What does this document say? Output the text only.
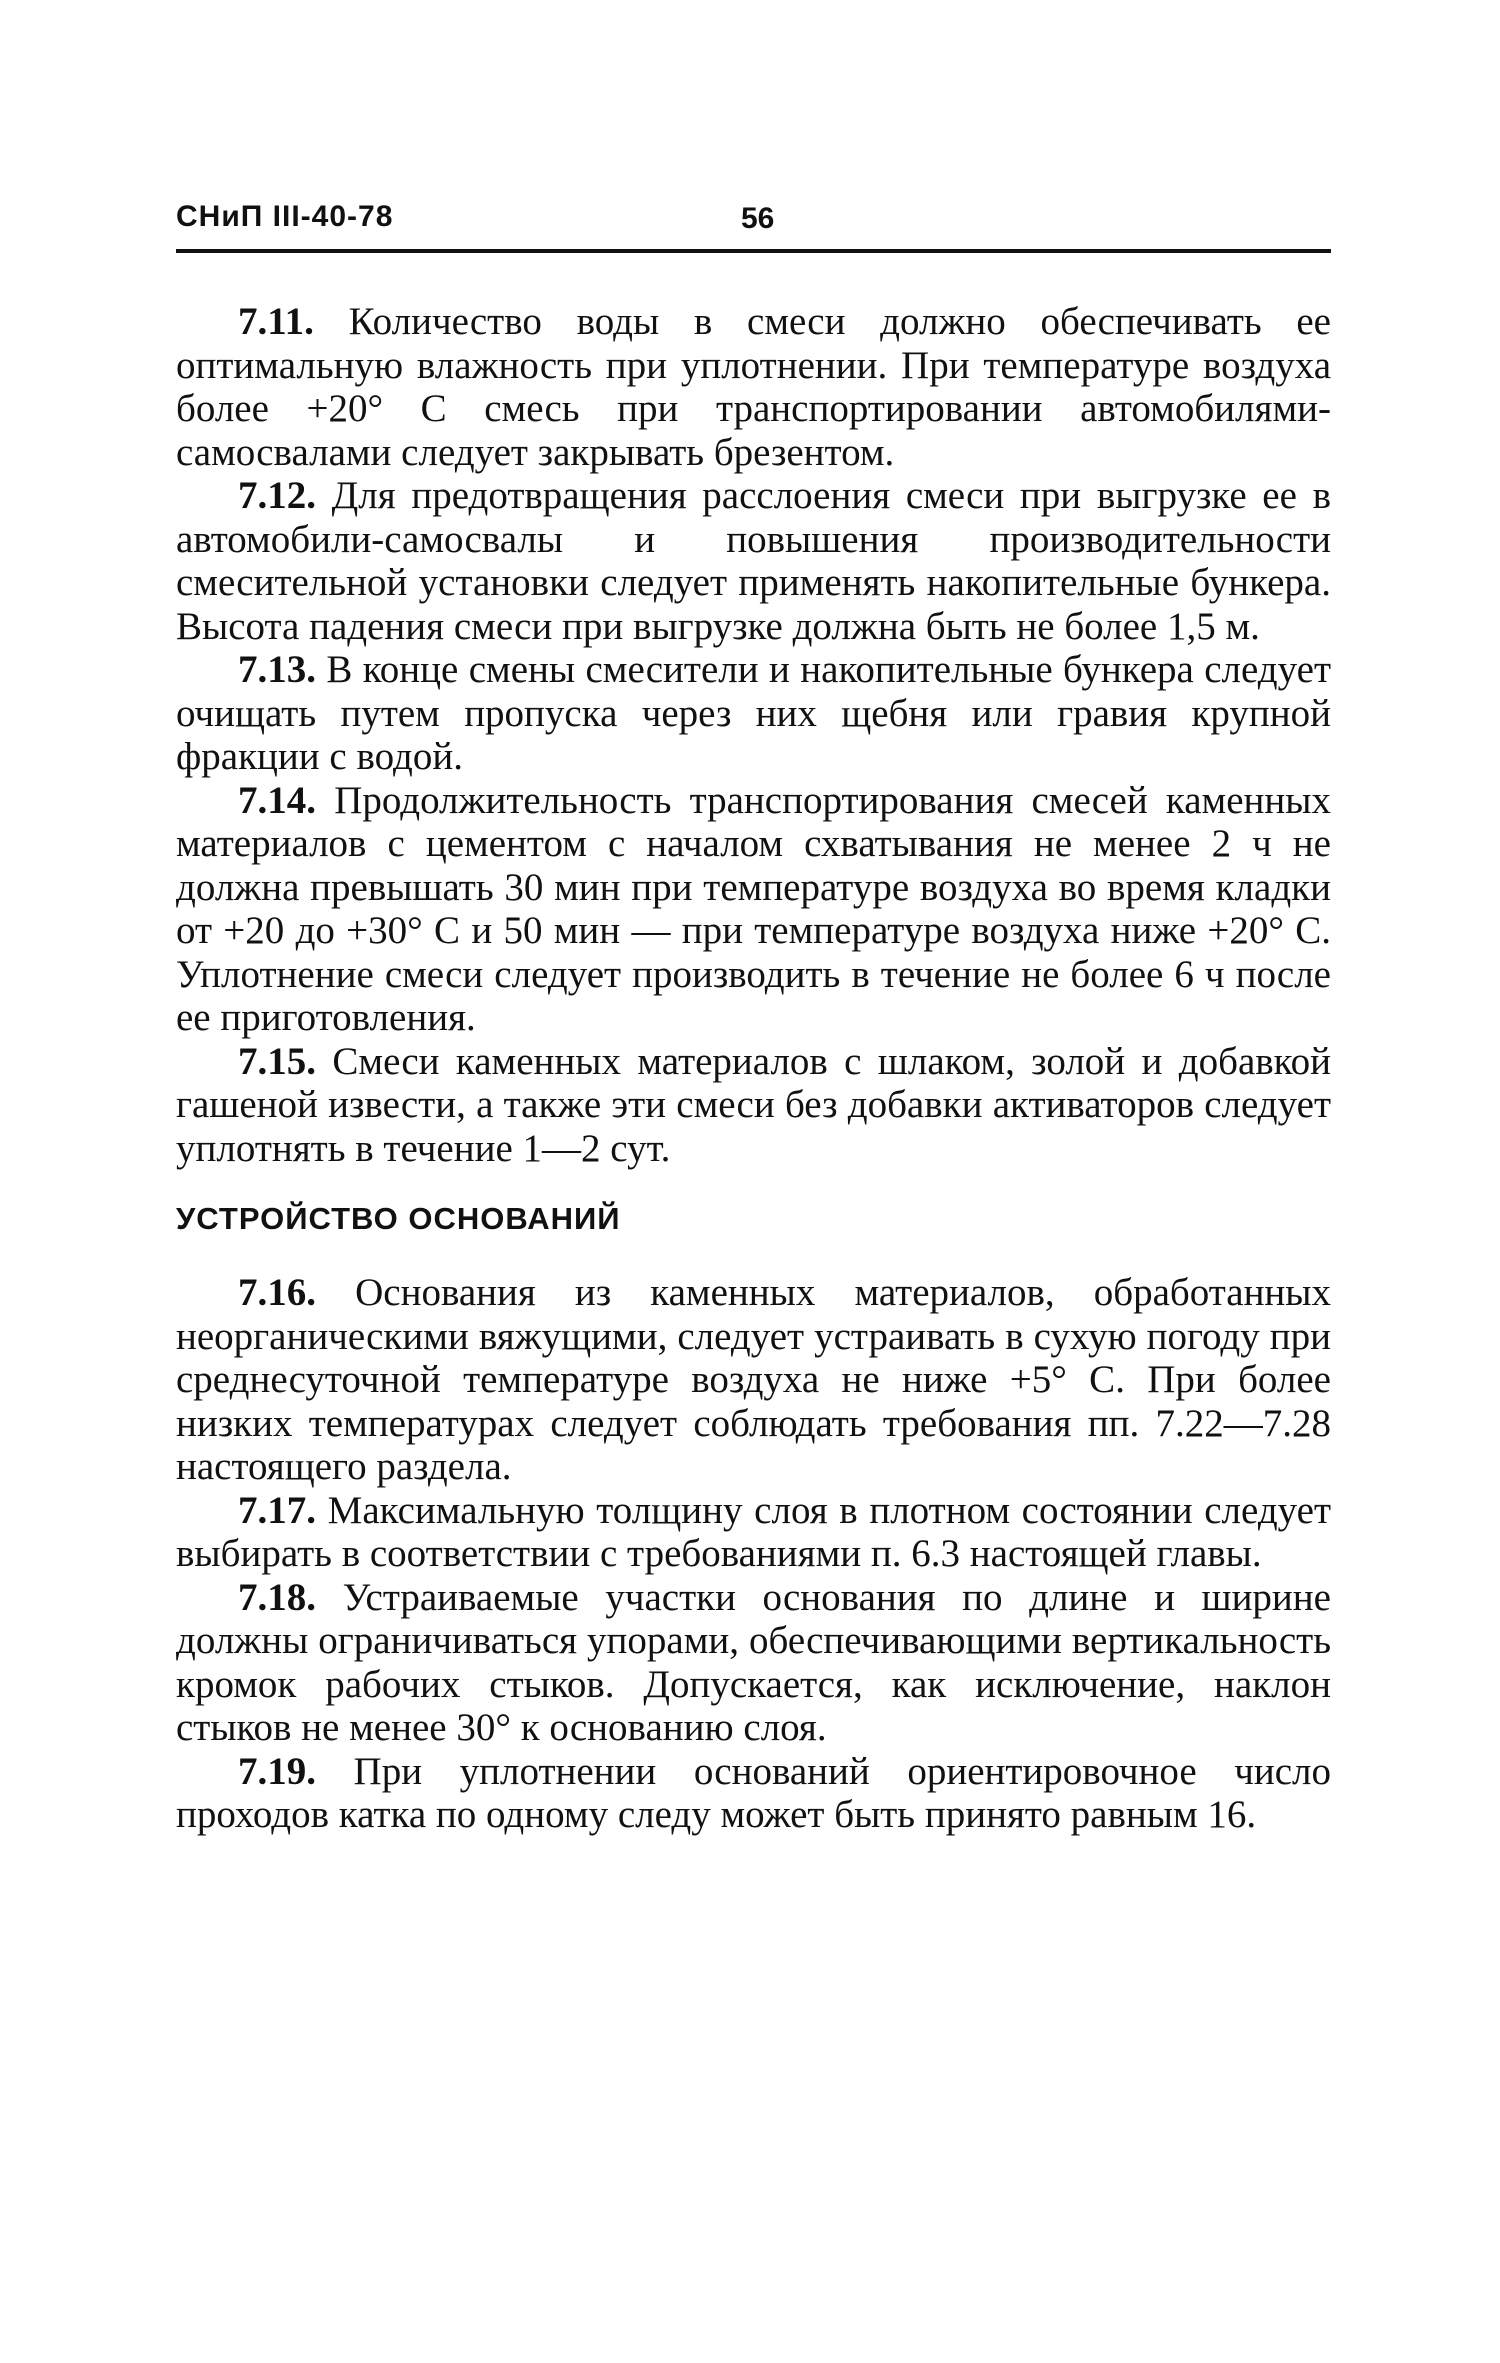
СНиП III-40-78	56

7.11. Количество воды в смеси должно обеспечивать ее оптимальную влажность при уплотнении. При температуре воздуха более +20° С смесь при транспортировании автомобилями-самосвалами следует закрывать брезентом.

7.12. Для предотвращения расслоения смеси при выгрузке ее в автомобили-самосвалы и повышения производительности смесительной установки следует применять накопительные бункера. Высота падения смеси при выгрузке должна быть не более 1,5 м.

7.13. В конце смены смесители и накопительные бункера следует очищать путем пропуска через них щебня или гравия крупной фракции с водой.

7.14. Продолжительность транспортирования смесей каменных материалов с цементом с началом схватывания не менее 2 ч не должна превышать 30 мин при температуре воздуха во время кладки от +20 до +30° С и 50 мин — при температуре воздуха ниже +20° С. Уплотнение смеси следует производить в течение не более 6 ч после ее приготовления.

7.15. Смеси каменных материалов с шлаком, золой и добавкой гашеной извести, а также эти смеси без добавки активаторов следует уплотнять в течение 1—2 сут.

УСТРОЙСТВО ОСНОВАНИЙ

7.16. Основания из каменных материалов, обработанных неорганическими вяжущими, следует устраивать в сухую погоду при среднесуточной температуре воздуха не ниже +5° С. При более низких температурах следует соблюдать требования пп. 7.22—7.28 настоящего раздела.

7.17. Максимальную толщину слоя в плотном состоянии следует выбирать в соответствии с требованиями п. 6.3 настоящей главы.

7.18. Устраиваемые участки основания по длине и ширине должны ограничиваться упорами, обеспечивающими вертикальность кромок рабочих стыков. Допускается, как исключение, наклон стыков не менее 30° к основанию слоя.

7.19. При уплотнении оснований ориентировочное число проходов катка по одному следу может быть принято равным 16.
